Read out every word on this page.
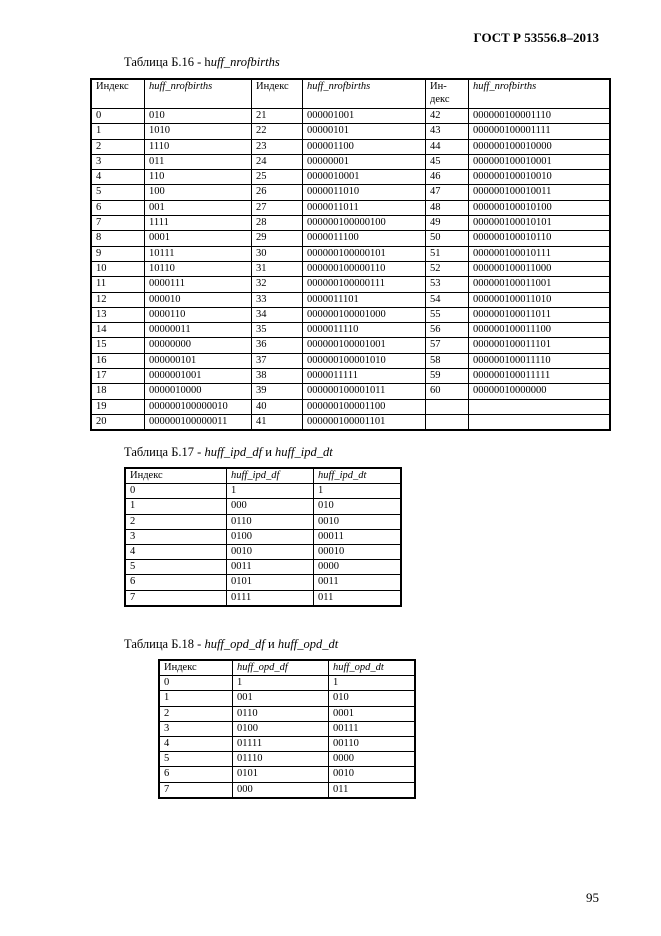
ГОСТ Р 53556.8–2013
Таблица Б.16 - huff_nrofbirths
Индекс	huff_nrofbirths	Индекс	huff_nrofbirths	Ин-
декс	huff_nrofbirths
0	010	21	000001001	42	000000100001110
1	1010	22	00000101	43	000000100001111
2	1110	23	000001100	44	000000100010000
3	011	24	00000001	45	000000100010001
4	110	25	0000010001	46	000000100010010
5	100	26	0000011010	47	000000100010011
6	001	27	0000011011	48	000000100010100
7	1111	28	000000100000100	49	000000100010101
8	0001	29	0000011100	50	000000100010110
9	10111	30	000000100000101	51	000000100010111
10	10110	31	000000100000110	52	000000100011000
11	0000111	32	000000100000111	53	000000100011001
12	000010	33	0000011101	54	000000100011010
13	0000110	34	000000100001000	55	000000100011011
14	00000011	35	0000011110	56	000000100011100
15	00000000	36	000000100001001	57	000000100011101
16	000000101	37	000000100001010	58	000000100011110
17	0000001001	38	0000011111	59	000000100011111
18	0000010000	39	000000100001011	60	00000010000000
19	000000100000010	40	000000100001100		
20	000000100000011	41	000000100001101		
Таблица Б.17 - huff_ipd_df и huff_ipd_dt
Индекс	huff_ipd_df	huff_ipd_dt
0	1	1
1	000	010
2	0110	0010
3	0100	00011
4	0010	00010
5	0011	0000
6	0101	0011
7	0111	011
Таблица Б.18 - huff_opd_df и huff_opd_dt
Индекс	huff_opd_df	huff_opd_dt
0	1	1
1	001	010
2	0110	0001
3	0100	00111
4	01111	00110
5	01110	0000
6	0101	0010
7	000	011
95
